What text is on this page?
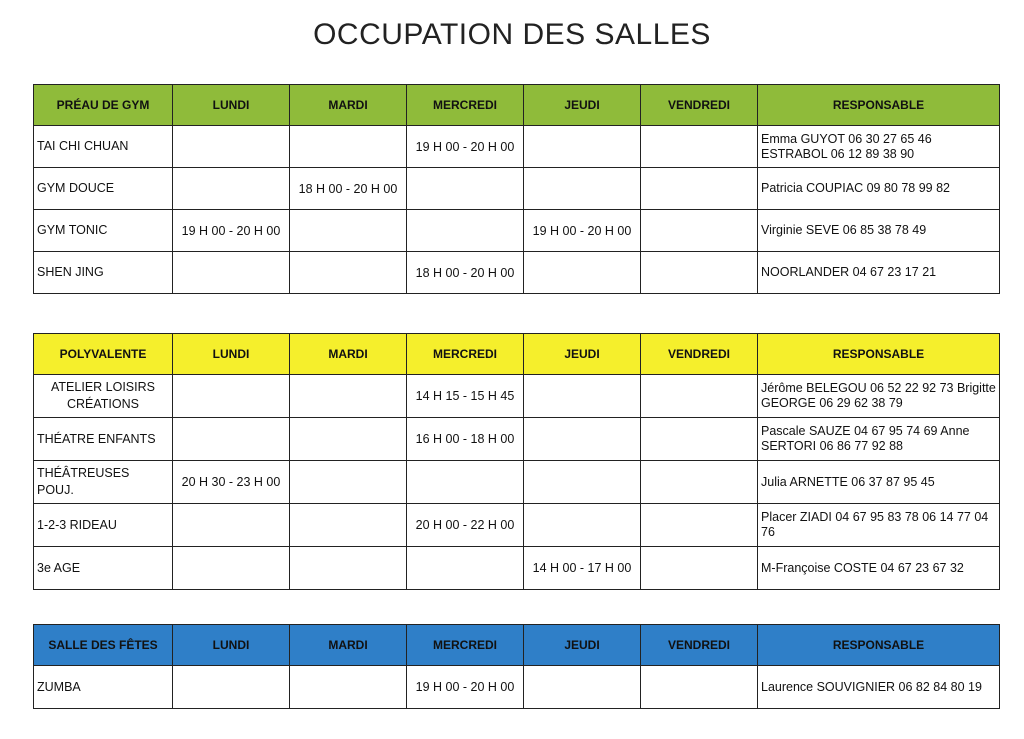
OCCUPATION DES SALLES
PRÉAU DE GYM	LUNDI	MARDI	MERCREDI	JEUDI	VENDREDI	RESPONSABLE
TAI CHI CHUAN			19 H 00 - 20 H 00			Emma GUYOT 06 30 27 65 46 ESTRABOL 06 12 89 38 90
GYM DOUCE		18 H 00 - 20 H 00				Patricia COUPIAC 09 80 78 99 82
GYM TONIC	19 H 00 - 20 H 00			19 H 00 - 20 H 00		Virginie SEVE 06 85 38 78 49
SHEN JING			18 H 00 - 20 H 00			NOORLANDER 04 67 23 17 21
POLYVALENTE	LUNDI	MARDI	MERCREDI	JEUDI	VENDREDI	RESPONSABLE
ATELIER LOISIRS CRÉATIONS			14 H 15 - 15 H 45			Jérôme BELEGOU 06 52 22 92 73 Brigitte GEORGE 06 29 62 38 79
THÉATRE ENFANTS			16 H 00 - 18 H 00			Pascale SAUZE 04 67 95 74 69 Anne SERTORI 06 86 77 92 88
THÉÂTREUSES POUJ.	20 H 30 - 23 H 00					Julia ARNETTE 06 37 87 95 45
1-2-3 RIDEAU			20 H 00 - 22 H 00			Placer ZIADI 04 67 95 83 78 06 14 77 04 76
3e AGE				14 H 00 - 17 H 00		M-Françoise COSTE 04 67 23 67 32
SALLE DES FÊTES	LUNDI	MARDI	MERCREDI	JEUDI	VENDREDI	RESPONSABLE
ZUMBA			19 H 00 - 20 H 00			Laurence SOUVIGNIER 06 82 84 80 19
